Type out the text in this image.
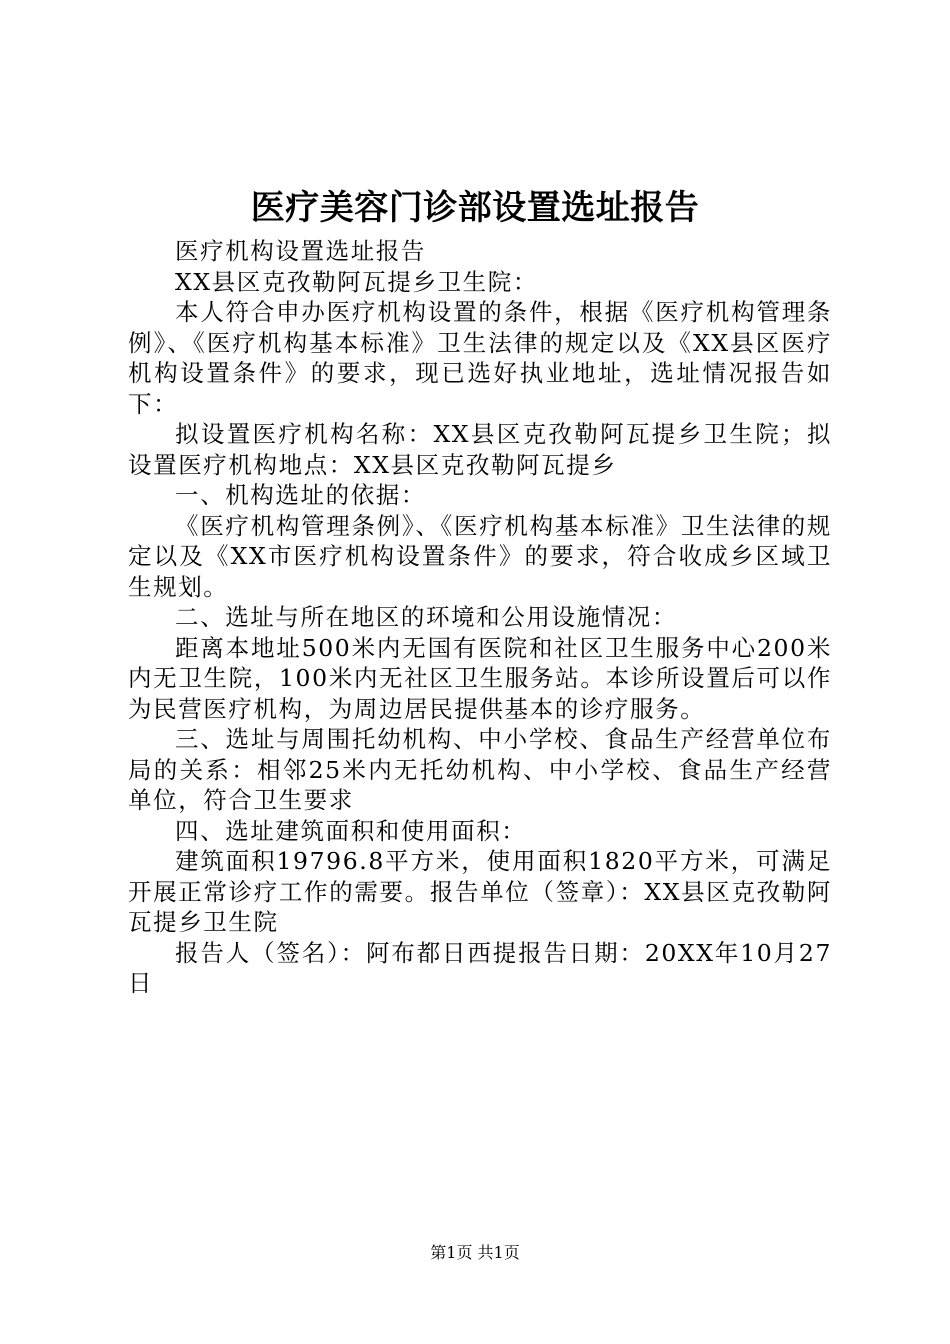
医疗美容门诊部设置选址报告

医疗机构设置选址报告

XX县区克孜勒阿瓦提乡卫生院：

本人符合申办医疗机构设置的条件，根据《医疗机构管理条例》、《医疗机构基本标准》卫生法律的规定以及《XX县区医疗机构设置条件》的要求，现已选好执业地址，选址情况报告如下：

拟设置医疗机构名称：XX县区克孜勒阿瓦提乡卫生院；拟设置医疗机构地点：XX县区克孜勒阿瓦提乡

一、机构选址的依据：

《医疗机构管理条例》、《医疗机构基本标准》卫生法律的规定以及《XX市医疗机构设置条件》的要求，符合收成乡区域卫生规划。

二、选址与所在地区的环境和公用设施情况：

距离本地址500米内无国有医院和社区卫生服务中心200米内无卫生院，100米内无社区卫生服务站。本诊所设置后可以作为民营医疗机构，为周边居民提供基本的诊疗服务。

三、选址与周围托幼机构、中小学校、食品生产经营单位布局的关系：相邻25米内无托幼机构、中小学校、食品生产经营单位，符合卫生要求

四、选址建筑面积和使用面积：

建筑面积19796.8平方米，使用面积1820平方米，可满足开展正常诊疗工作的需要。报告单位（签章）：XX县区克孜勒阿瓦提乡卫生院

报告人（签名）：阿布都日西提报告日期：20XX年10月27日

第1页 共1页
